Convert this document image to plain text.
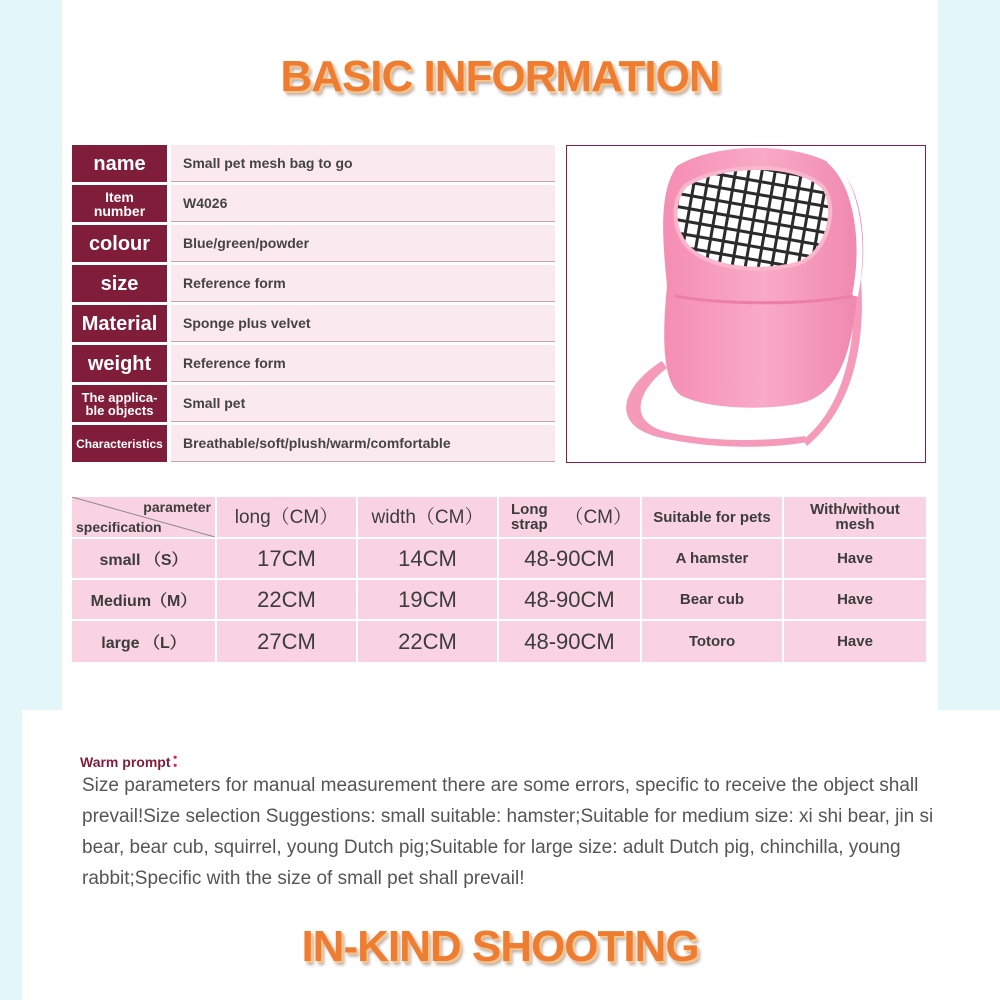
BASIC INFORMATION
name	Small pet mesh bag to go
Item number	W4026
colour	Blue/green/powder
size	Reference form
Material	Sponge plus velvet
weight	Reference form
The applica-ble objects	Small pet
Characteristics	Breathable/soft/plush/warm/comfortable
parameter
specification	long（CM）	width（CM）	Long strap （CM）	Suitable for pets	With/without mesh
small （S）	17CM	14CM	48-90CM	A hamster	Have
Medium（M）	22CM	19CM	48-90CM	Bear cub	Have
large （L）	27CM	22CM	48-90CM	Totoro	Have
Warm prompt：
Size parameters for manual measurement there are some errors, specific to receive the object shall prevail!Size selection Suggestions: small suitable: hamster;Suitable for medium size: xi shi bear, jin si bear, bear cub, squirrel, young Dutch pig;Suitable for large size: adult Dutch pig, chinchilla, young rabbit;Specific with the size of small pet shall prevail!
IN-KIND SHOOTING
